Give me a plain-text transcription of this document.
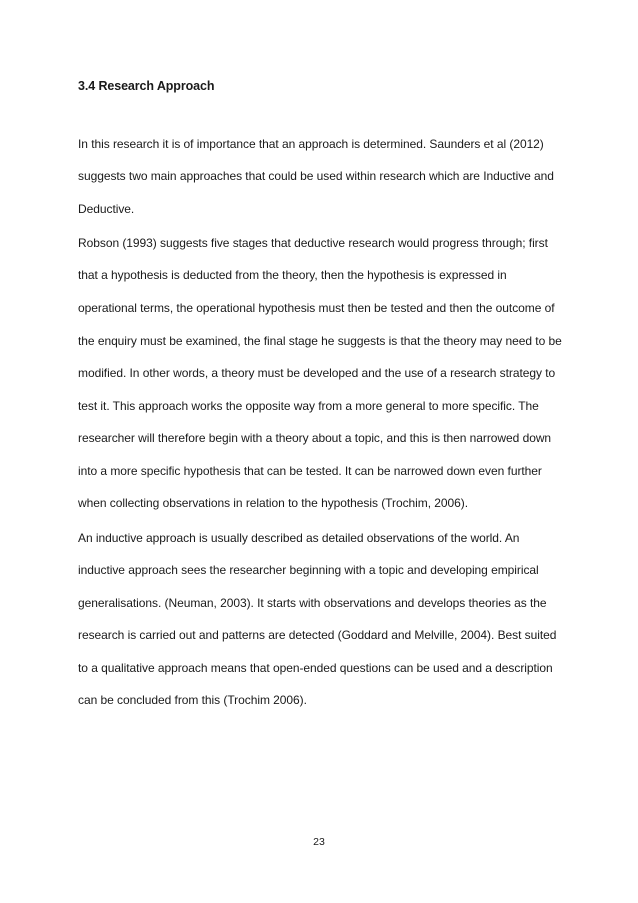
3.4 Research Approach
In this research it is of importance that an approach is determined. Saunders et al (2012)
suggests two main approaches that could be used within research which are Inductive and
Deductive.
Robson (1993) suggests five stages that deductive research would progress through; first
that a hypothesis is deducted from the theory, then the hypothesis is expressed in
operational terms, the operational hypothesis must then be tested and then the outcome of
the enquiry must be examined, the final stage he suggests is that the theory may need to be
modified. In other words, a theory must be developed and the use of a research strategy to
test it. This approach works the opposite way from a more general to more specific. The
researcher will therefore begin with a theory about a topic, and this is then narrowed down
into a more specific hypothesis that can be tested. It can be narrowed down even further
when collecting observations in relation to the hypothesis (Trochim, 2006).
An inductive approach is usually described as detailed observations of the world. An
inductive approach sees the researcher beginning with a topic and developing empirical
generalisations. (Neuman, 2003). It starts with observations and develops theories as the
research is carried out and patterns are detected (Goddard and Melville, 2004). Best suited
to a qualitative approach means that open-ended questions can be used and a description
can be concluded from this (Trochim 2006).
23
